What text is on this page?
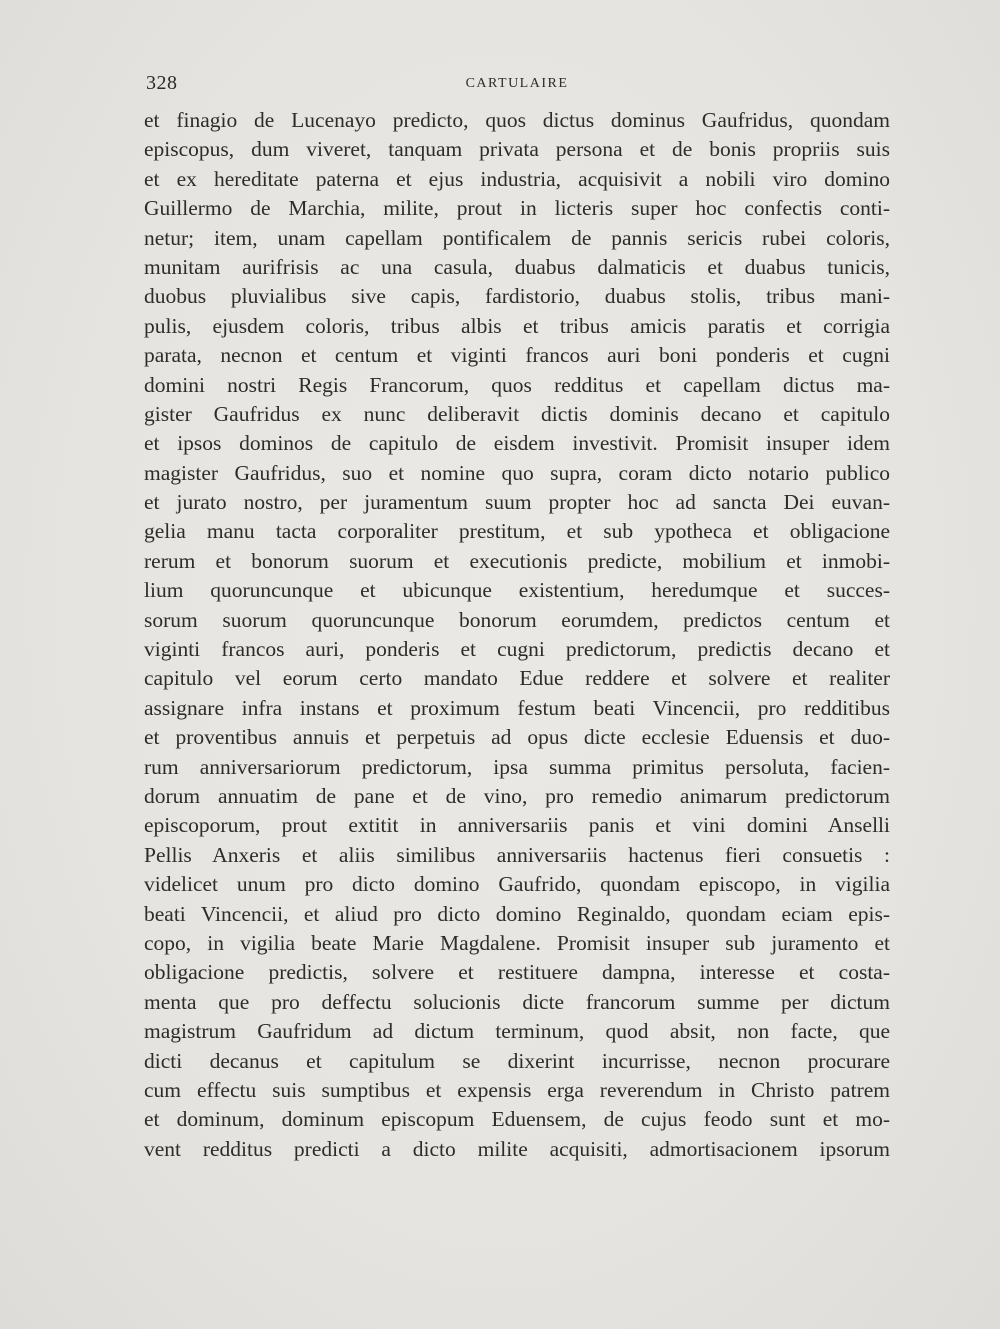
328	CARTULAIRE
et finagio de Lucenayo predicto, quos dictus dominus Gaufridus, quondam
episcopus, dum viveret, tanquam privata persona et de bonis propriis suis
et ex hereditate paterna et ejus industria, acquisivit a nobili viro domino
Guillermo de Marchia, milite, prout in licteris super hoc confectis conti-
netur; item, unam capellam pontificalem de pannis sericis rubei coloris,
munitam aurifrisis ac una casula, duabus dalmaticis et duabus tunicis,
duobus pluvialibus sive capis, fardistorio, duabus stolis, tribus mani-
pulis, ejusdem coloris, tribus albis et tribus amicis paratis et corrigia
parata, necnon et centum et viginti francos auri boni ponderis et cugni
domini nostri Regis Francorum, quos redditus et capellam dictus ma-
gister Gaufridus ex nunc deliberavit dictis dominis decano et capitulo
et ipsos dominos de capitulo de eisdem investivit. Promisit insuper idem
magister Gaufridus, suo et nomine quo supra, coram dicto notario publico
et jurato nostro, per juramentum suum propter hoc ad sancta Dei euvan-
gelia manu tacta corporaliter prestitum, et sub ypotheca et obligacione
rerum et bonorum suorum et executionis predicte, mobilium et inmobi-
lium quoruncunque et ubicunque existentium, heredumque et succes-
sorum suorum quoruncunque bonorum eorumdem, predictos centum et
viginti francos auri, ponderis et cugni predictorum, predictis decano et
capitulo vel eorum certo mandato Edue reddere et solvere et realiter
assignare infra instans et proximum festum beati Vincencii, pro redditibus
et proventibus annuis et perpetuis ad opus dicte ecclesie Eduensis et duo-
rum anniversariorum predictorum, ipsa summa primitus persoluta, facien-
dorum annuatim de pane et de vino, pro remedio animarum predictorum
episcoporum, prout extitit in anniversariis panis et vini domini Anselli
Pellis Anxeris et aliis similibus anniversariis hactenus fieri consuetis :
videlicet unum pro dicto domino Gaufrido, quondam episcopo, in vigilia
beati Vincencii, et aliud pro dicto domino Reginaldo, quondam eciam epis-
copo, in vigilia beate Marie Magdalene. Promisit insuper sub juramento et
obligacione predictis, solvere et restituere dampna, interesse et costa-
menta que pro deffectu solucionis dicte francorum summe per dictum
magistrum Gaufridum ad dictum terminum, quod absit, non facte, que
dicti decanus et capitulum se dixerint incurrisse, necnon procurare
cum effectu suis sumptibus et expensis erga reverendum in Christo patrem
et dominum, dominum episcopum Eduensem, de cujus feodo sunt et mo-
vent redditus predicti a dicto milite acquisiti, admortisacionem ipsorum
